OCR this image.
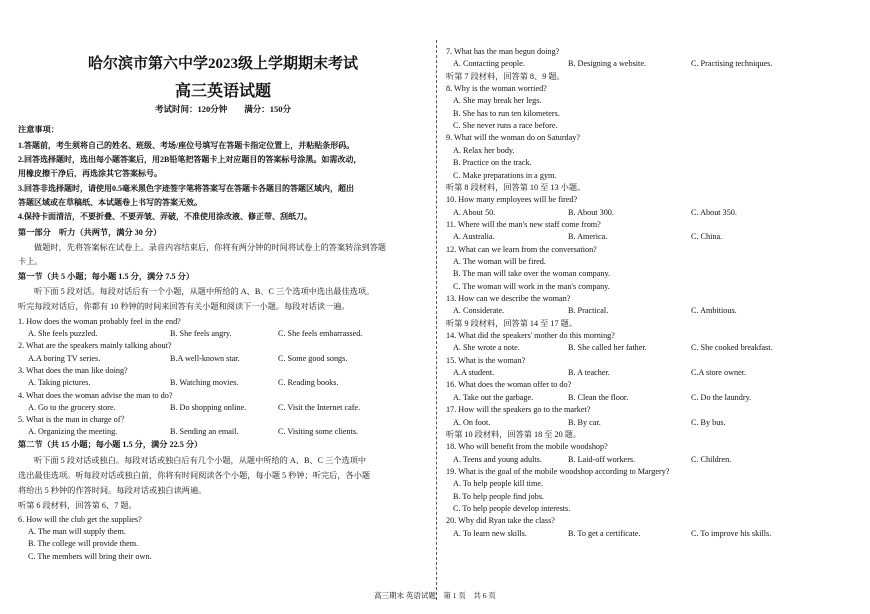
哈尔滨市第六中学2023级上学期期末考试
高三英语试题
考试时间：120分钟　　满分：150分
注意事项：
1.答题前，考生须将自己的姓名、班级、考场/座位号填写在答题卡指定位置上，并粘贴条形码。
2.回答选择题时，选出每小题答案后，用2B铅笔把答题卡上对应题目的答案标号涂黑。如需改动，
用橡皮擦干净后，再选涂其它答案标号。
3.回答非选择题时，请使用0.5毫米黑色字迹签字笔将答案写在答题卡各题目的答题区域内，超出
答题区域或在草稿纸、本试题卷上书写的答案无效。
4.保持卡面清洁，不要折叠、不要弄皱、弄破，不准使用涂改液、修正带、刮纸刀。
第一部分　听力（共两节，满分 30 分）
做题时，先将答案标在试卷上。录音内容结束后，你将有两分钟的时间将试卷上的答案转涂到答题
卡上。
第一节（共 5 小题；每小题 1.5 分，满分 7.5 分）
听下面 5 段对话。每段对话后有一个小题，从题中所给的 A、B、C 三个选项中选出最佳选项。
听完每段对话后，你都有 10 秒钟的时间来回答有关小题和阅读下一小题。每段对话读一遍。
1. How does the woman probably feel in the end?
A. She feels puzzled.	B. She feels angry.	C. She feels embarrassed.
2. What are the speakers mainly talking about?
A.A boring TV series.	B.A well-known star.	C. Some good songs.
3. What does the man like doing?
A. Taking pictures.	B. Watching movies.	C. Reading books.
4. What does the woman advise the man to do?
A. Go to the grocery store.	B. Do shopping online.	C. Visit the Internet cafe.
5. What is the man in charge of？
A. Organizing the meeting.	B. Sending an email.	C. Visiting some clients.
第二节（共 15 小题；每小题 1.5 分，满分 22.5 分）
听下面 5 段对话或独白。每段对话或独白后有几个小题，从题中所给的 A、B、C 三个选项中
选出最佳选项。听每段对话或独白前，你将有时间阅读各个小题，每小题 5 秒钟；听完后，各小题
将给出 5 秒钟的作答时间。每段对话或独白读两遍。
听第 6 段材料，回答第 6、7 题。
6. How will the club get the supplies?
A. The man will supply them.
B. The college will provide them.
C. The members will bring their own.
7. What has the man begun doing?
A. Contacting people.	B. Designing a website.	C. Practising techniques.
听第 7 段材料，回答第 8、9 题。
8. Why is the woman worried?
A. She may break her legs.
B. She has to run ten kilometers.
C. She never runs a race before.
9. What will the woman do on Saturday?
A. Relax her body.
B. Practice on the track.
C. Make preparations in a gym.
听第 8 段材料，回答第 10 至 13 小题。
10. How many employees will be fired?
A. About 50.	B. About 300.	C. About 350.
11. Where will the man's new staff come from?
A. Australia.	B. America.	C. China.
12. What can we learn from the conversation?
A. The woman will be fired.
B. The man will take over the woman company.
C. The woman will work in the man's company.
13. How can we describe the woman?
A. Considerate.	B. Practical.	C. Ambitious.
听第 9 段材料，回答第 14 至 17 题。
14. What did the speakers' mother do this morning?
A. She wrote a note.	B. She called her father.	C. She cooked breakfast.
15. What is the woman?
A.A student.	B. A teacher.	C.A store owner.
16. What does the woman offer to do?
A. Take out the garbage.	B. Clean the floor.	C. Do the laundry.
17. How will the speakers go to the market?
A. On foot.	B. By car.	C. By bus.
听第 10 段材料，回答第 18 至 20 题。
18. Who will benefit from the mobile woodshop?
A. Teens and young adults.	B. Laid-off workers.	C. Children.
19. What is the goal of the mobile woodshop according to Margery?
A. To help people kill time.
B. To help people find jobs.
C. To help people develop interests.
20. Why did Ryan take the class?
A. To learn new skills.	B. To get a certificate.	C. To improve his skills.
高三期末 英语试题　第 1 页　共 6 页
